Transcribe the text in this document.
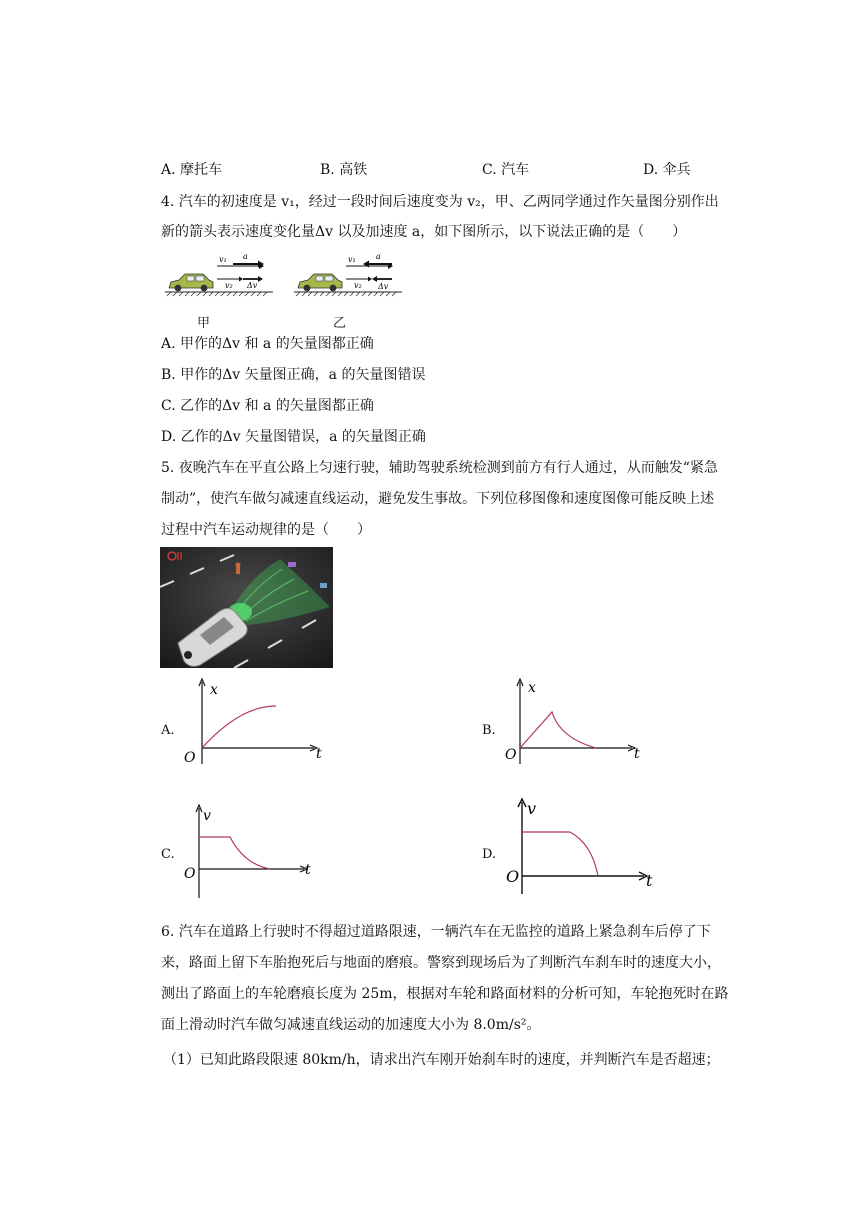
A. 摩托车	B. 高铁	C. 汽车	D. 伞兵
4. 汽车的初速度是 v₁，经过一段时间后速度变为 v₂，甲、乙两同学通过作矢量图分别作出
新的箭头表示速度变化量Δv 以及加速度 a，如下图所示，以下说法正确的是（　　）
v₁ a
v₂ Δv
甲
v₁	a
v₂ Δv
乙
A. 甲作的Δv 和 a 的矢量图都正确
B. 甲作的Δv 矢量图正确，a 的矢量图错误
C. 乙作的Δv 和 a 的矢量图都正确
D. 乙作的Δv 矢量图错误，a 的矢量图正确
5. 夜晚汽车在平直公路上匀速行驶，辅助驾驶系统检测到前方有行人通过，从而触发“紧急
制动”，使汽车做匀减速直线运动，避免发生事故。下列位移图像和速度图像可能反映上述
过程中汽车运动规律的是（　　）
A.
x
t
O
B.
x
t
O
C.
v
t
O
D.
v
t
O
6. 汽车在道路上行驶时不得超过道路限速，一辆汽车在无监控的道路上紧急刹车后停了下
来，路面上留下车胎抱死后与地面的磨痕。警察到现场后为了判断汽车刹车时的速度大小，
测出了路面上的车轮磨痕长度为 25m，根据对车轮和路面材料的分析可知，车轮抱死时在路
面上滑动时汽车做匀减速直线运动的加速度大小为 8.0m/s²。
（1）已知此路段限速 80km/h，请求出汽车刚开始刹车时的速度，并判断汽车是否超速；
